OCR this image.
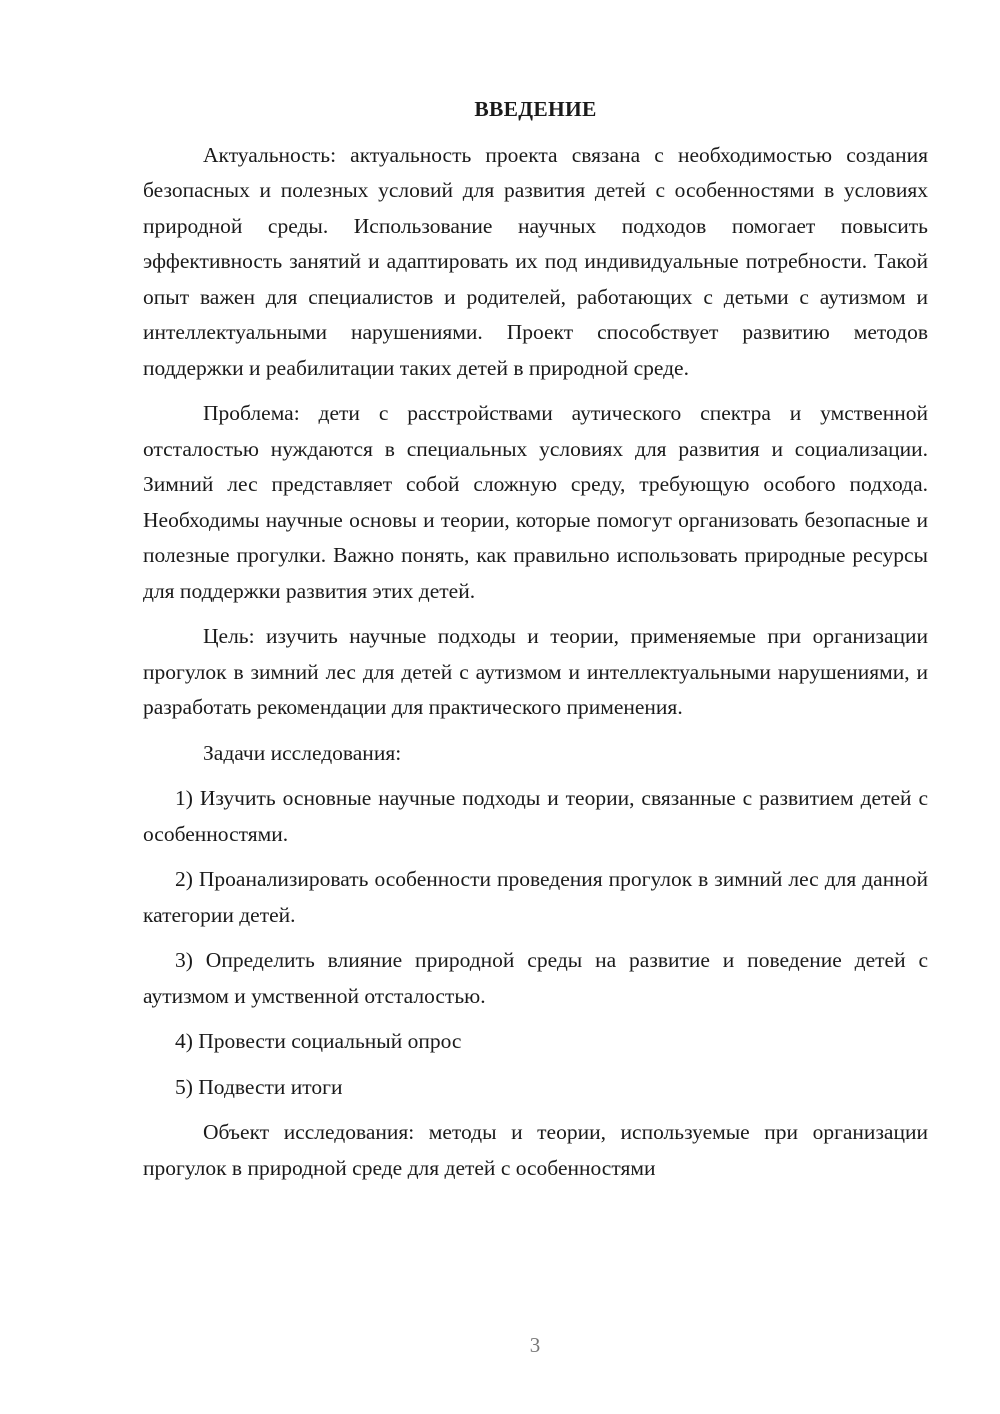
ВВЕДЕНИЕ

Актуальность: актуальность проекта связана с необходимостью создания безопасных и полезных условий для развития детей с особенностями в условиях природной среды. Использование научных подходов помогает повысить эффективность занятий и адаптировать их под индивидуальные потребности. Такой опыт важен для специалистов и родителей, работающих с детьми с аутизмом и интеллектуальными нарушениями. Проект способствует развитию методов поддержки и реабилитации таких детей в природной среде.

Проблема: дети с расстройствами аутического спектра и умственной отсталостью нуждаются в специальных условиях для развития и социализации. Зимний лес представляет собой сложную среду, требующую особого подхода. Необходимы научные основы и теории, которые помогут организовать безопасные и полезные прогулки. Важно понять, как правильно использовать природные ресурсы для поддержки развития этих детей.

Цель: изучить научные подходы и теории, применяемые при организации прогулок в зимний лес для детей с аутизмом и интеллектуальными нарушениями, и разработать рекомендации для практического применения.

Задачи исследования:

1) Изучить основные научные подходы и теории, связанные с развитием детей с особенностями.

2) Проанализировать особенности проведения прогулок в зимний лес для данной категории детей.

3) Определить влияние природной среды на развитие и поведение детей с аутизмом и умственной отсталостью.

4) Провести социальный опрос

5) Подвести итоги

Объект исследования: методы и теории, используемые при организации прогулок в природной среде для детей с особенностями

3
